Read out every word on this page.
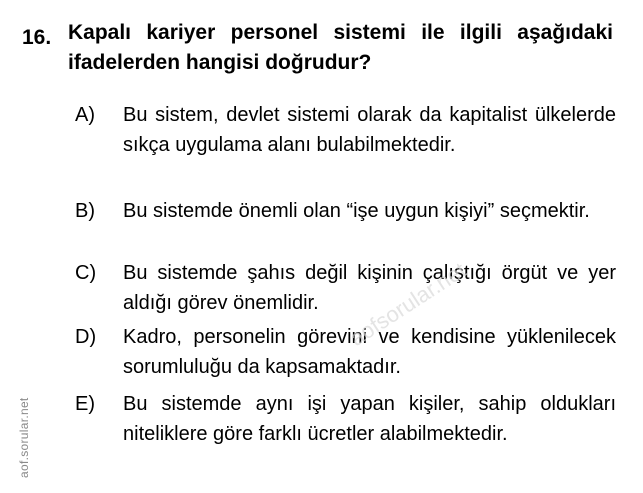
16. Kapalı kariyer personel sistemi ile ilgili aşağıdaki ifadelerden hangisi doğrudur?
A) Bu sistem, devlet sistemi olarak da kapitalist ülkelerde sıkça uygulama alanı bulabilmektedir.
B) Bu sistemde önemli olan “işe uygun kişiyi” seçmektir.
C) Bu sistemde şahıs değil kişinin çalıştığı örgüt ve yer aldığı görev önemlidir.
D) Kadro, personelin görevini ve kendisine yüklenilecek sorumluluğu da kapsamaktadır.
E) Bu sistemde aynı işi yapan kişiler, sahip oldukları niteliklere göre farklı ücretler alabilmektedir.
aof.sorular.net
aofsorular.net
